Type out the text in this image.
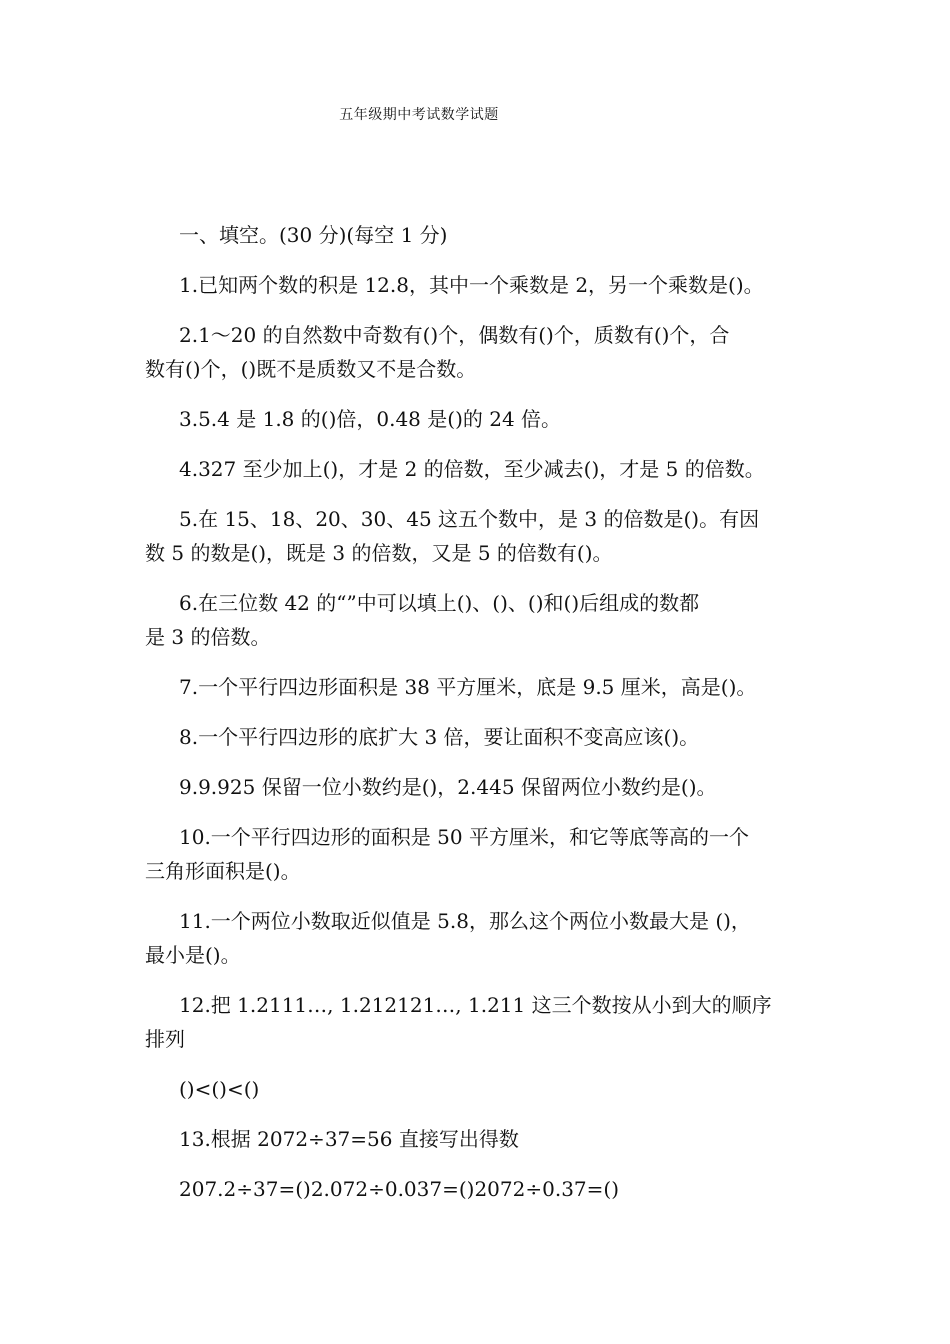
五年级期中考试数学试题
一、填空。(30 分)(每空 1 分)
1.已知两个数的积是 12.8，其中一个乘数是 2，另一个乘数是()。
2.1～20 的自然数中奇数有()个，偶数有()个，质数有()个，合
数有()个，()既不是质数又不是合数。
3.5.4 是 1.8 的()倍，0.48 是()的 24 倍。
4.327 至少加上()，才是 2 的倍数，至少减去()，才是 5 的倍数。
5.在 15、18、20、30、45 这五个数中，是 3 的倍数是()。有因
数 5 的数是()，既是 3 的倍数，又是 5 的倍数有()。
6.在三位数 42 的“”中可以填上()、()、()和()后组成的数都
是 3 的倍数。
7.一个平行四边形面积是 38 平方厘米，底是 9.5 厘米，高是()。
8.一个平行四边形的底扩大 3 倍，要让面积不变高应该()。
9.9.925 保留一位小数约是()，2.445 保留两位小数约是()。
10.一个平行四边形的面积是 50 平方厘米，和它等底等高的一个
三角形面积是()。
11.一个两位小数取近似值是 5.8，那么这个两位小数最大是 ()，
最小是()。
12.把 1.2111…, 1.212121…, 1.211 这三个数按从小到大的顺序
排列
()<()<()
13.根据 2072÷37=56 直接写出得数
207.2÷37=()2.072÷0.037=()2072÷0.37=()
